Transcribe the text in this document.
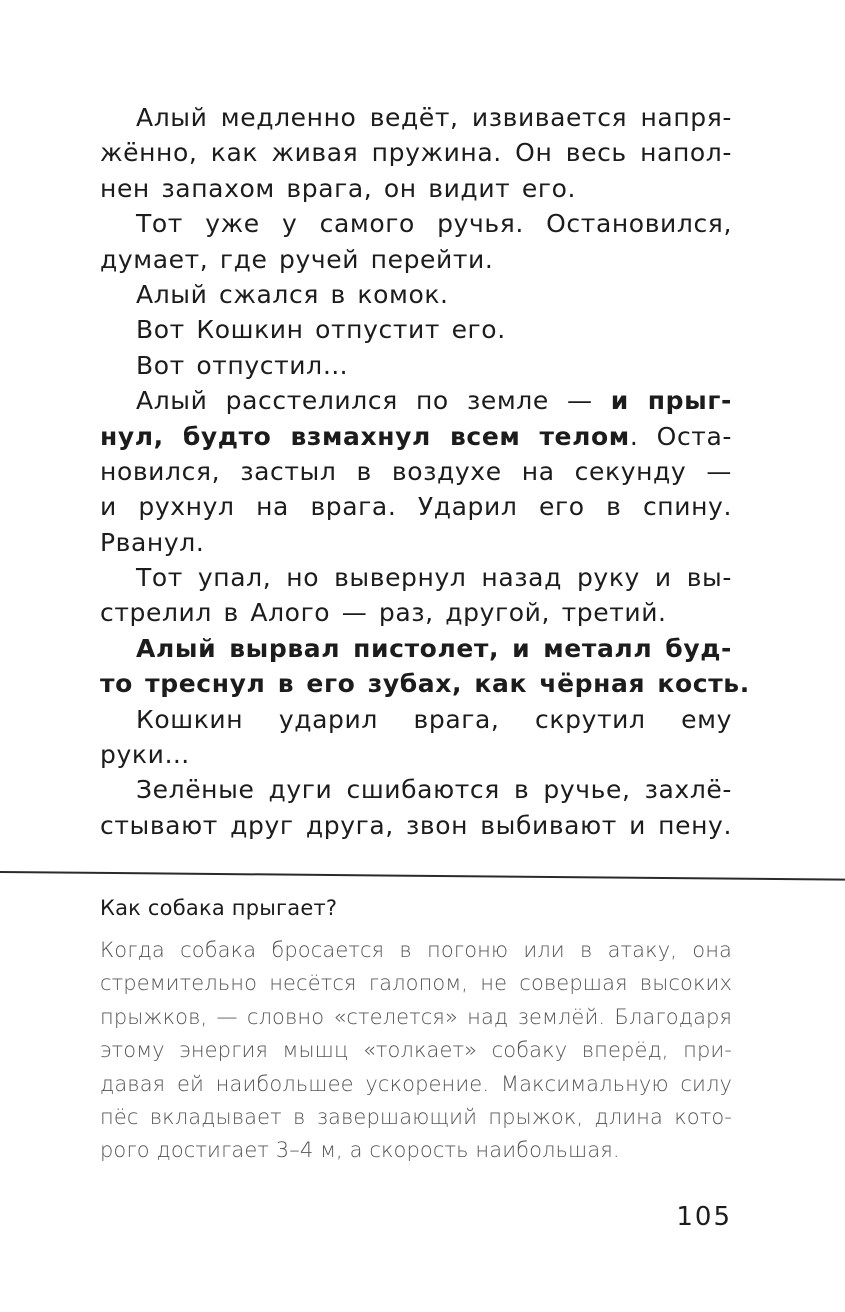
Алый медленно ведёт, извивается напря-
жённо, как живая пружина. Он весь напол-
нен запахом врага, он видит его.
Тот уже у самого ручья. Остановился,
думает, где ручей перейти.
Алый сжался в комок.
Вот Кошкин отпустит его.
Вот отпустил…
Алый расстелился по земле — и прыг-
нул, будто взмахнул всем телом. Оста-
новился, застыл в воздухе на секунду —
и рухнул на врага. Ударил его в спину.
Рванул.
Тот упал, но вывернул назад руку и вы-
стрелил в Алого — раз, другой, третий.
Алый вырвал пистолет, и металл буд-
то треснул в его зубах, как чёрная кость.
Кошкин ударил врага, скрутил ему
руки…
Зелёные дуги сшибаются в ручье, захлё-
стывают друг друга, звон выбивают и пену.
Как собака прыгает?
Когда собака бросается в погоню или в атаку, она
стремительно несётся галопом, не совершая высоких
прыжков, — словно «стелется» над землёй. Благодаря
этому энергия мышц «толкает» собаку вперёд, при-
давая ей наибольшее ускорение. Максимальную силу
пёс вкладывает в завершающий прыжок, длина кото-
рого достигает 3–4 м, а скорость наибольшая.
105
